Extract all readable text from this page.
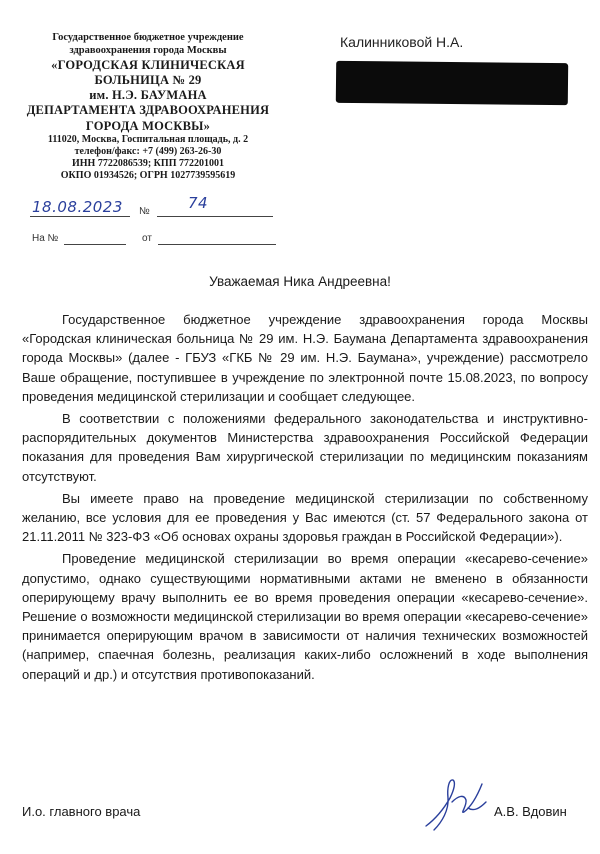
Государственное бюджетное учреждение
здравоохранения города Москвы
«ГОРОДСКАЯ КЛИНИЧЕСКАЯ
БОЛЬНИЦА № 29
им. Н.Э. БАУМАНА
ДЕПАРТАМЕНТА ЗДРАВООХРАНЕНИЯ
ГОРОДА МОСКВЫ»
111020, Москва, Госпитальная площадь, д. 2
телефон/факс: +7 (499) 263-26-30
ИНН 7722086539; КПП 772201001
ОКПО 01934526; ОГРН 1027739595619
Калинниковой Н.А.
18.08.2023 №	74
На №	от
Уважаемая Ника Андреевна!

Государственное бюджетное учреждение здравоохранения города Москвы «Городская клиническая больница № 29 им. Н.Э. Баумана Департамента здравоохранения города Москвы» (далее - ГБУЗ «ГКБ № 29 им. Н.Э. Баумана», учреждение) рассмотрело Ваше обращение, поступившее в учреждение по электронной почте 15.08.2023, по вопросу проведения медицинской стерилизации и сообщает следующее.

В соответствии с положениями федерального законодательства и инструктивно-распорядительных документов Министерства здравоохранения Российской Федерации показания для проведения Вам хирургической стерилизации по медицинским показаниям отсутствуют.

Вы имеете право на проведение медицинской стерилизации по собственному желанию, все условия для ее проведения у Вас имеются (ст. 57 Федерального закона от 21.11.2011 № 323-ФЗ «Об основах охраны здоровья граждан в Российской Федерации»).

Проведение медицинской стерилизации во время операции «кесарево-сечение» допустимо, однако существующими нормативными актами не вменено в обязанности оперирующему врачу выполнить ее во время проведения операции «кесарево-сечение». Решение о возможности медицинской стерилизации во время операции «кесарево-сечение» принимается оперирующим врачом в зависимости от наличия технических возможностей (например, спаечная болезнь, реализация каких-либо осложнений в ходе выполнения операций и др.) и отсутствия противопоказаний.

И.о. главного врача	А.В. Вдовин
